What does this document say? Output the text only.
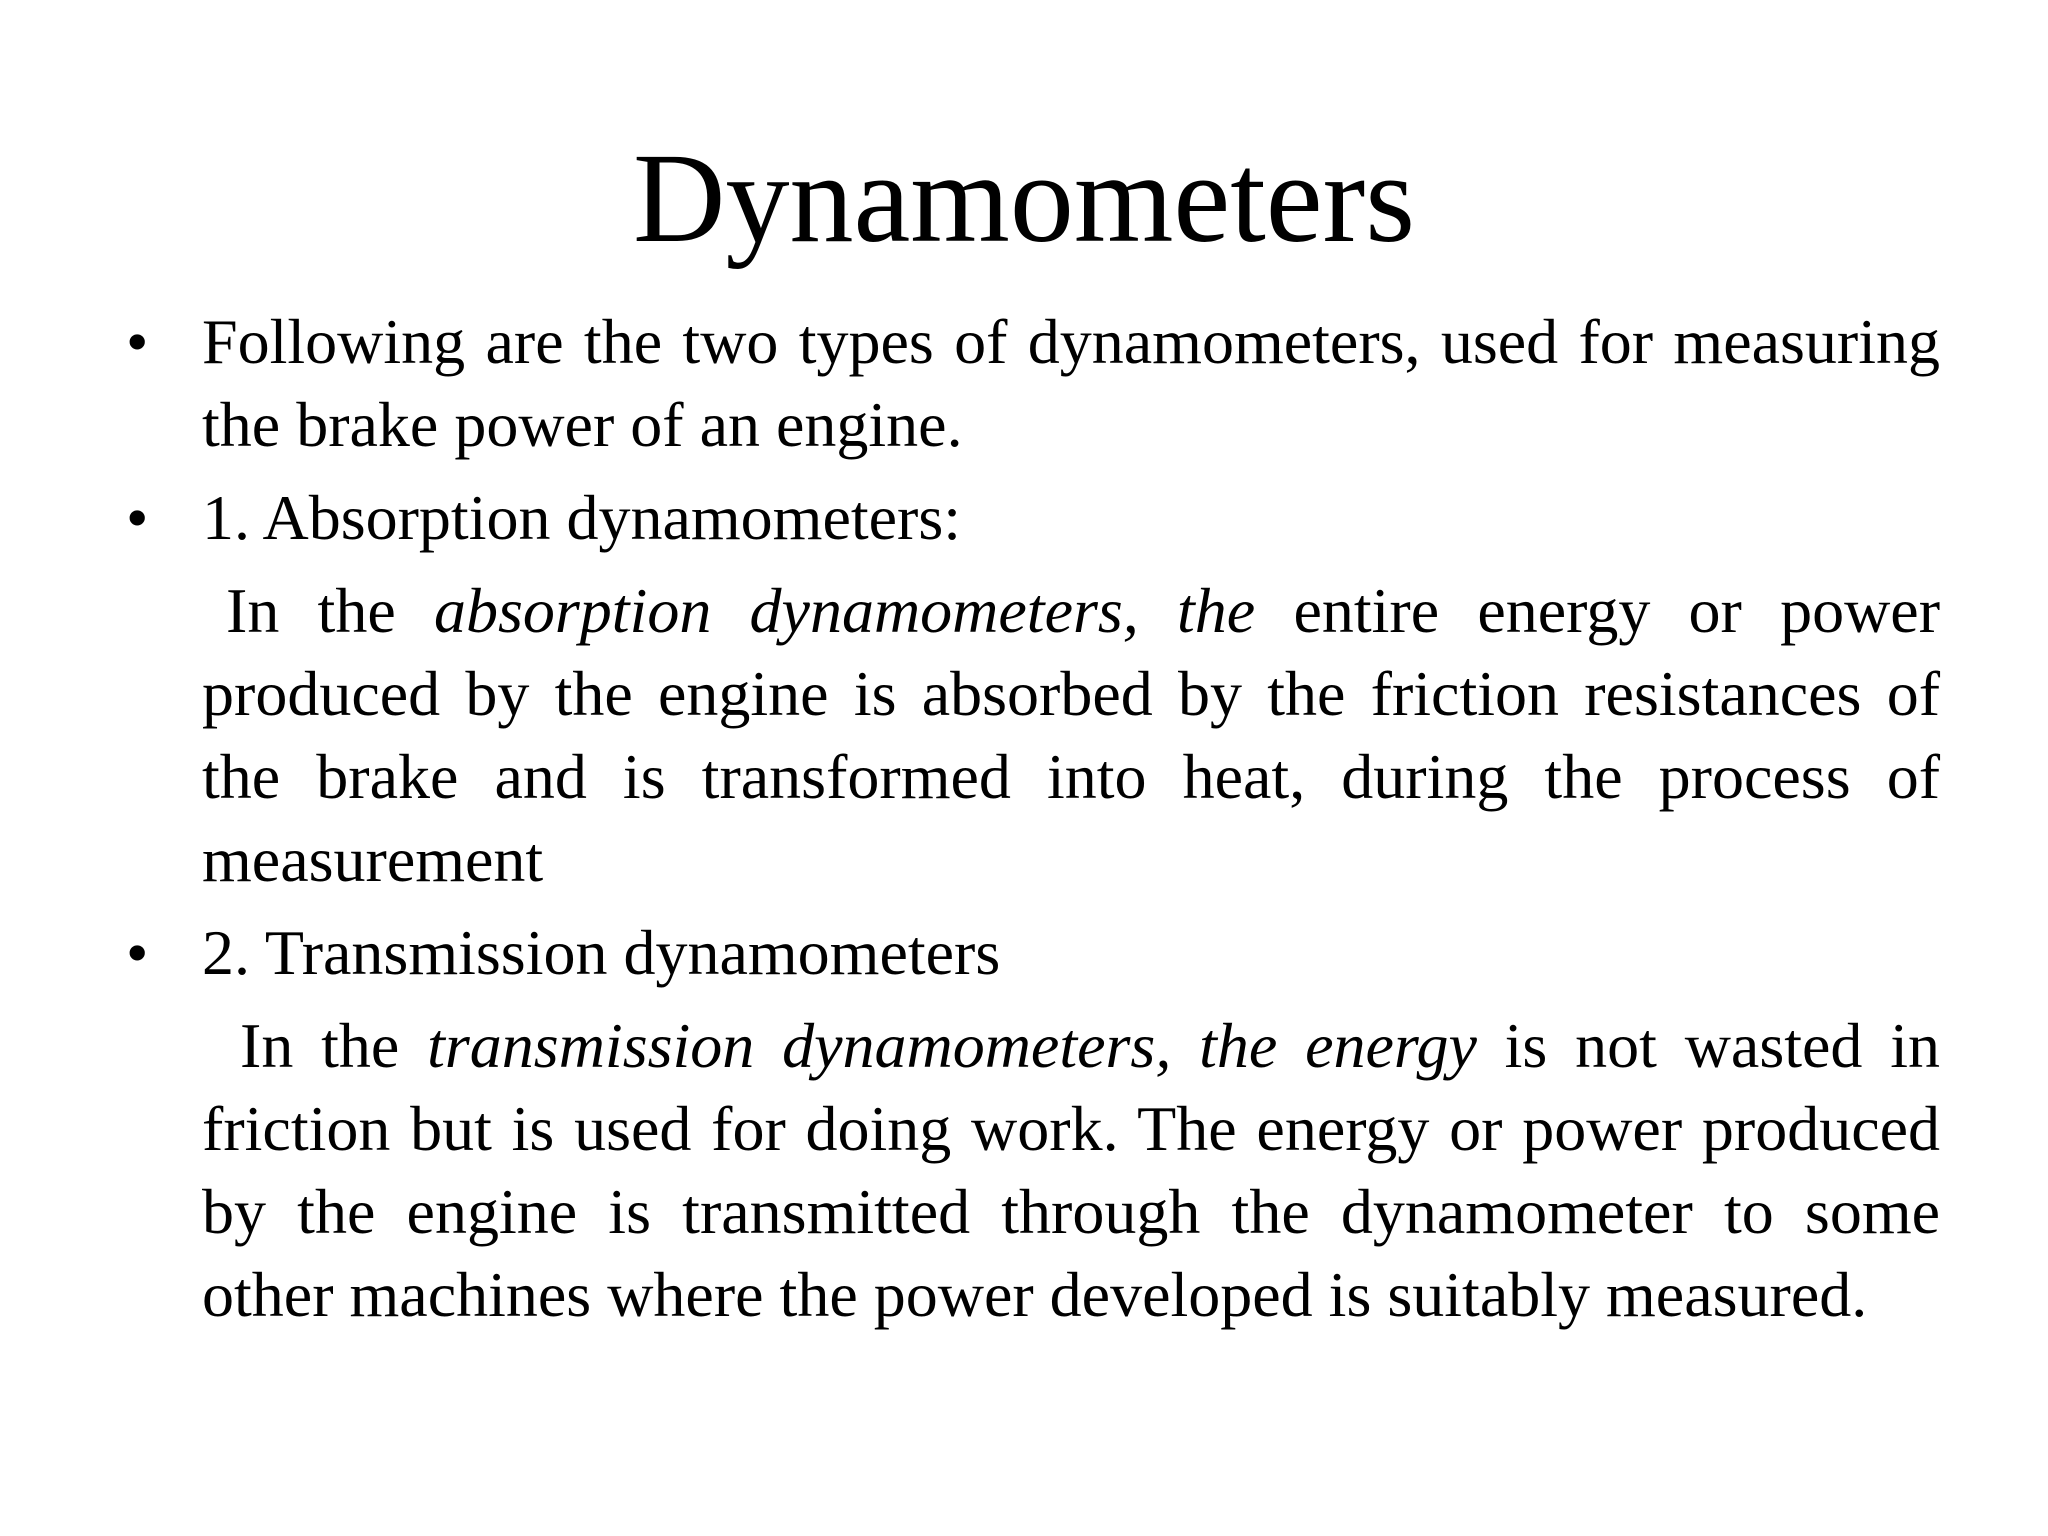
Dynamometers
• Following are the two types of dynamometers, used for measuring the brake power of an engine.
• 1. Absorption dynamometers:
In the absorption dynamometers, the entire energy or power produced by the engine is absorbed by the friction resistances of the brake and is transformed into heat, during the process of measurement
• 2. Transmission dynamometers
In the transmission dynamometers, the energy is not wasted in friction but is used for doing work. The energy or power produced by the engine is transmitted through the dynamometer to some other machines where the power developed is suitably measured.
